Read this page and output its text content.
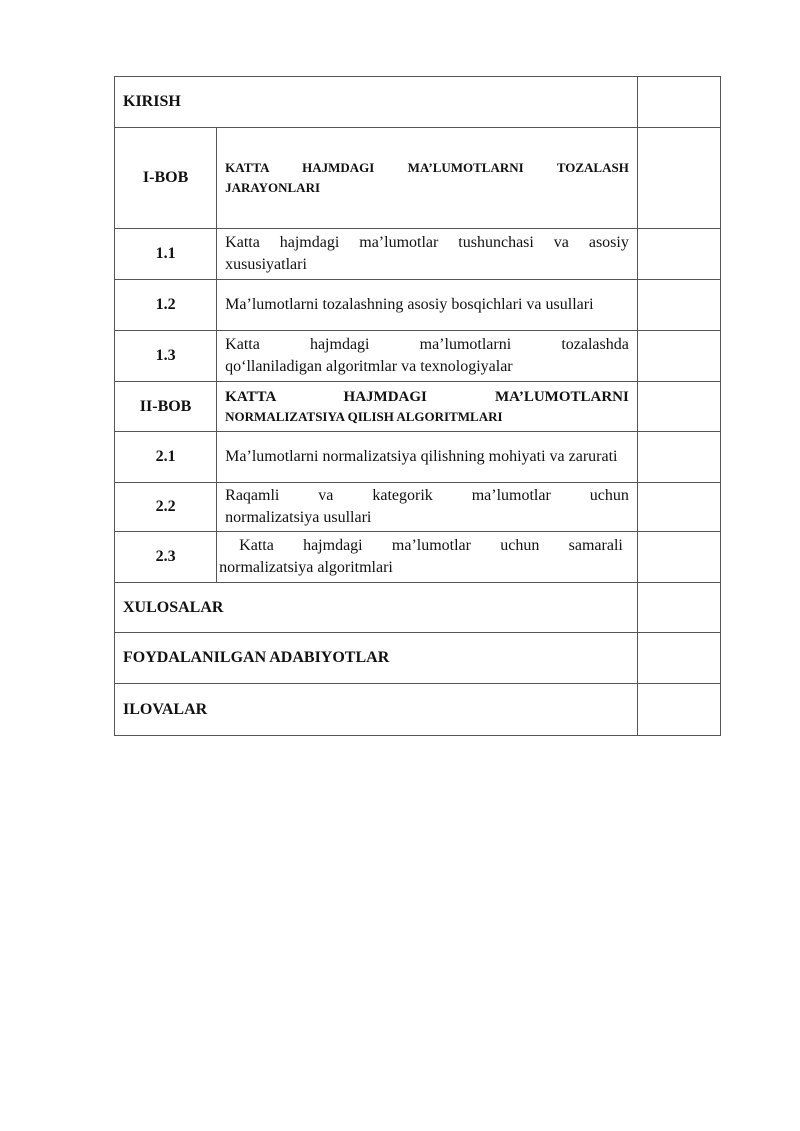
KIRISH		
I-BOB	KATTA HAJMDAGI MA’LUMOTLARNI TOZALASH JARAYONLARI	
1.1	Katta hajmdagi ma’lumotlar tushunchasi va asosiy xususiyatlari	
1.2	Ma’lumotlarni tozalashning asosiy bosqichlari va usullari	
1.3	Katta hajmdagi ma’lumotlarni tozalashda
qo‘llaniladigan algoritmlar va texnologiyalar	
II-BOB	KATTA HAJMDAGI MA’LUMOTLARNI
NORMALIZATSIYA QILISH ALGORITMLARI	
2.1	Ma’lumotlarni normalizatsiya qilishning mohiyati va zarurati	
2.2	Raqamli va kategorik ma’lumotlar uchun
normalizatsiya usullari	
2.3	Katta hajmdagi ma’lumotlar uchun samarali
normalizatsiya algoritmlari	
XULOSALAR		
FOYDALANILGAN ADABIYOTLAR		
ILOVALAR		
